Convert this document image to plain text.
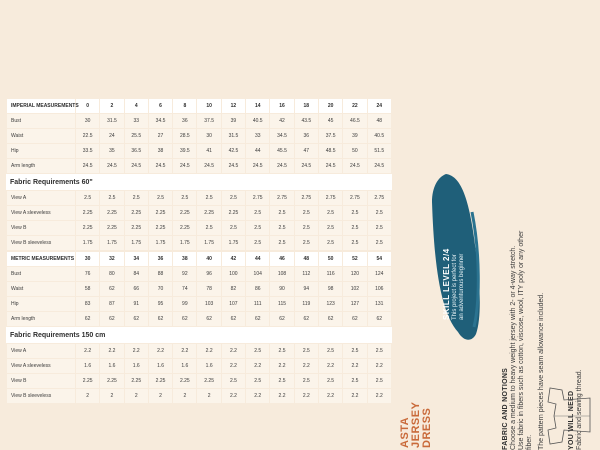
IMPERIAL MEASUREMENTS	0	2	4	6	8	10	12	14	16	18	20	22	24
Bust	30	31.5	33	34.5	36	37.5	39	40.5	42	43.5	45	46.5	48
Waist	22.5	24	25.5	27	28.5	30	31.5	33	34.5	36	37.5	39	40.5
Hip	33.5	35	36.5	38	39.5	41	42.5	44	45.5	47	48.5	50	51.5
Arm length	24.5	24.5	24.5	24.5	24.5	24.5	24.5	24.5	24.5	24.5	24.5	24.5	24.5
Fabric Requirements 60"
View A	2.5	2.5	2.5	2.5	2.5	2.5	2.5	2.75	2.75	2.75	2.75	2.75	2.75
View A sleeveless	2.25	2.25	2.25	2.25	2.25	2.25	2.25	2.5	2.5	2.5	2.5	2.5	2.5
View B	2.25	2.25	2.25	2.25	2.25	2.5	2.5	2.5	2.5	2.5	2.5	2.5	2.5
View B sleeveless	1.75	1.75	1.75	1.75	1.75	1.75	1.75	2.5	2.5	2.5	2.5	2.5	2.5
METRIC MEASUREMENTS	30	32	34	36	38	40	42	44	46	48	50	52	54
Bust	76	80	84	88	92	96	100	104	108	112	116	120	124
Waist	58	62	66	70	74	78	82	86	90	94	98	102	106
Hip	83	87	91	95	99	103	107	111	115	119	123	127	131
Arm length	62	62	62	62	62	62	62	62	62	62	62	62	62
Fabric Requirements 150 cm
View A	2.2	2.2	2.2	2.2	2.2	2.2	2.2	2.5	2.5	2.5	2.5	2.5	2.5
View A sleeveless	1.6	1.6	1.6	1.6	1.6	1.6	2.2	2.2	2.2	2.2	2.2	2.2	2.2
View B	2.25	2.25	2.25	2.25	2.25	2.25	2.5	2.5	2.5	2.5	2.5	2.5	2.5
View B sleeveless	2	2	2	2	2	2	2.2	2.2	2.2	2.2	2.2	2.2	2.2
ASTA JERSEY DRESS
SKILL LEVEL 2/4 This project is perfect for an adventurous beginner
FABRIC AND NOTIONS Choose a medium to heavy weight jersey with 2- or 4-way stretch. Use fabric in fibers such as cotton, viscose, wool, ITY poly or any other fiber. The pattern pieces have seam allowance included.	YOU WILL NEED Fabric and sewing thread.
